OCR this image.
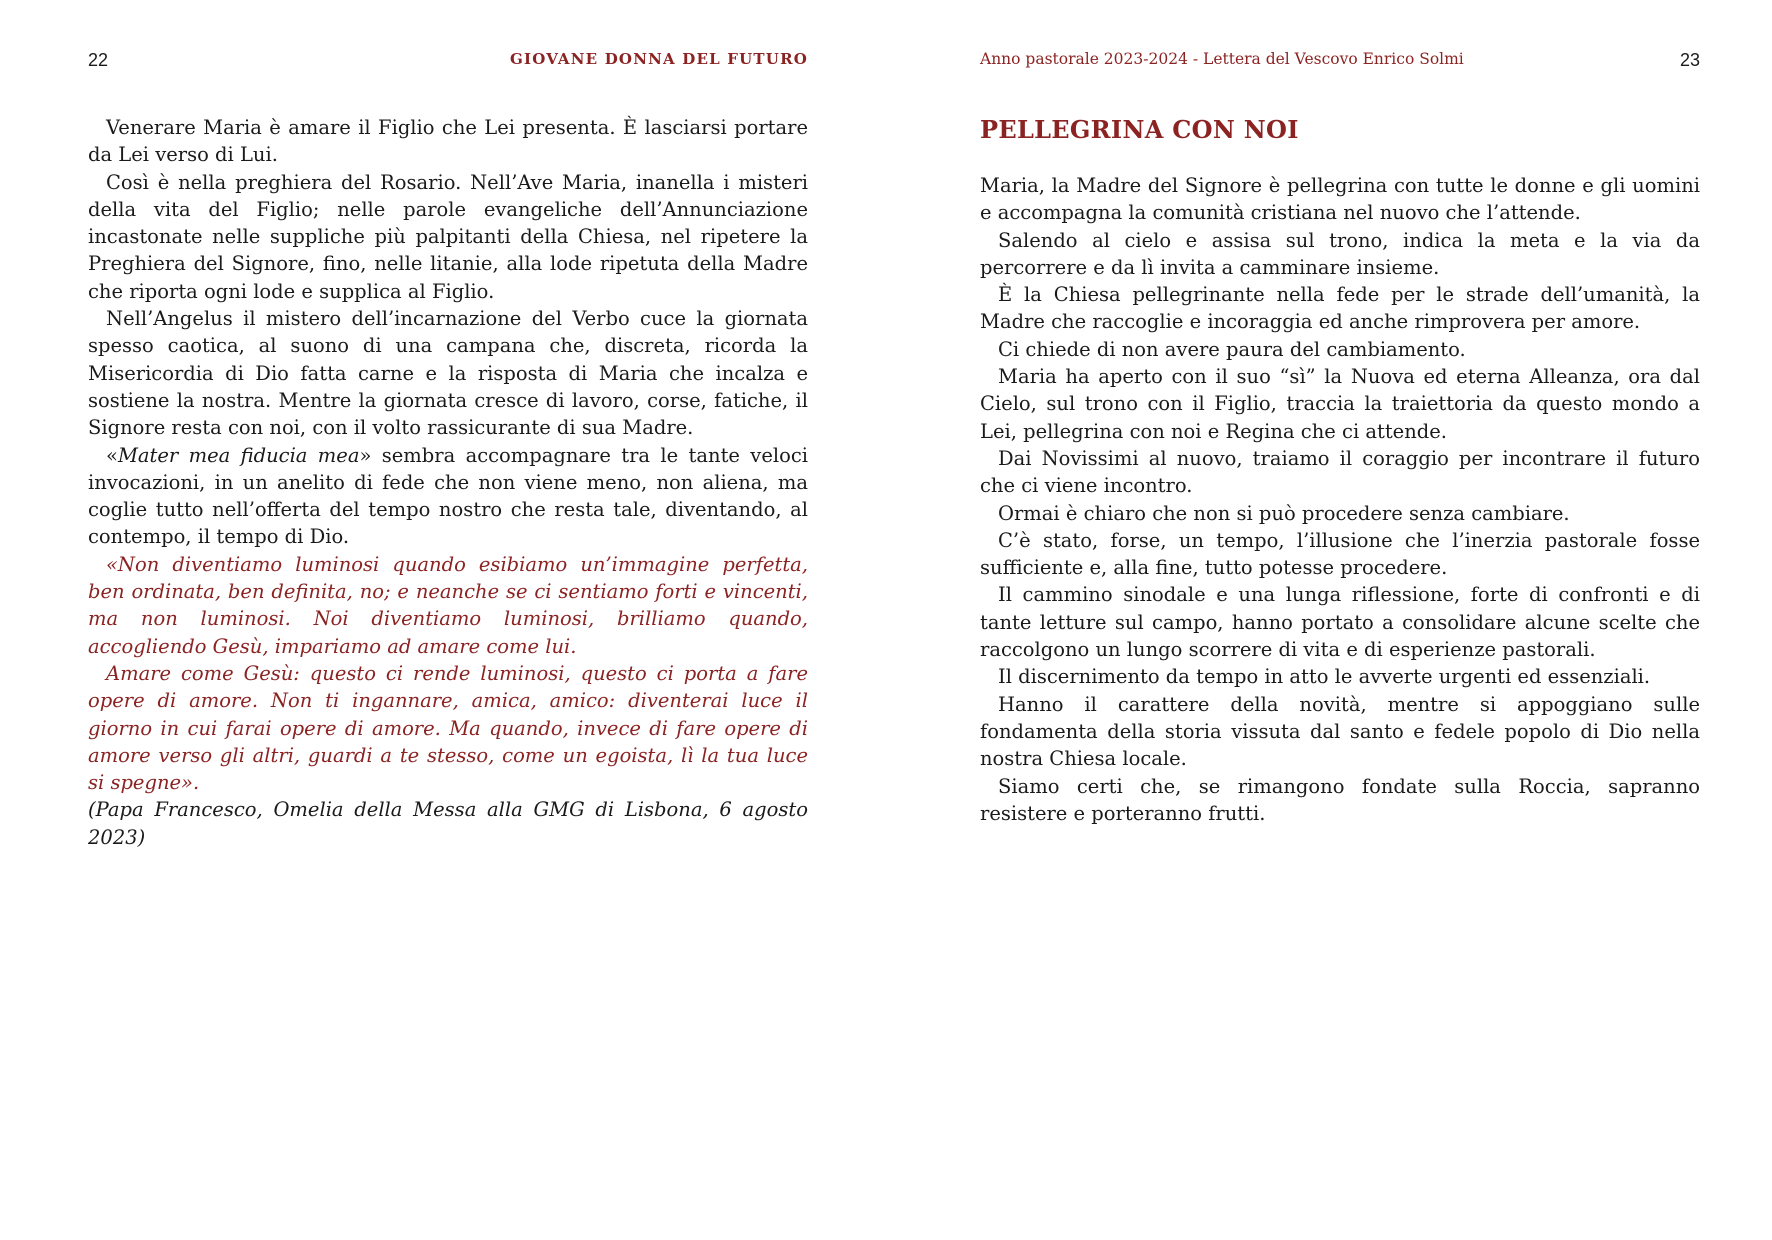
22	GIOVANE DONNA DEL FUTURO

Venerare Maria è amare il Figlio che Lei presenta. È lasciarsi portare da Lei verso di Lui.

Così è nella preghiera del Rosario. Nell’Ave Maria, inanella i misteri della vita del Figlio; nelle parole evangeliche dell’Annunciazione incastonate nelle suppliche più palpitanti della Chiesa, nel ripetere la Preghiera del Signore, fino, nelle litanie, alla lode ripetuta della Madre che riporta ogni lode e supplica al Figlio.

Nell’Angelus il mistero dell’incarnazione del Verbo cuce la giornata spesso caotica, al suono di una campana che, discreta, ricorda la Misericordia di Dio fatta carne e la risposta di Maria che incalza e sostiene la nostra. Mentre la giornata cresce di lavoro, corse, fatiche, il Signore resta con noi, con il volto rassicurante di sua Madre.

«Mater mea fiducia mea» sembra accompagnare tra le tante veloci invocazioni, in un anelito di fede che non viene meno, non aliena, ma coglie tutto nell’offerta del tempo nostro che resta tale, diventando, al contempo, il tempo di Dio.

«Non diventiamo luminosi quando esibiamo un’immagine perfetta, ben ordinata, ben definita, no; e neanche se ci sentiamo forti e vincenti, ma non luminosi. Noi diventiamo luminosi, brilliamo quando, accogliendo Gesù, impariamo ad amare come lui.

Amare come Gesù: questo ci rende luminosi, questo ci porta a fare opere di amore. Non ti ingannare, amica, amico: diventerai luce il giorno in cui farai opere di amore. Ma quando, invece di fare opere di amore verso gli altri, guardi a te stesso, come un egoista, lì la tua luce si spegne».

(Papa Francesco, Omelia della Messa alla GMG di Lisbona, 6 agosto 2023)

Anno pastorale 2023-2024 - Lettera del Vescovo Enrico Solmi	23
PELLEGRINA CON NOI

Maria, la Madre del Signore è pellegrina con tutte le donne e gli uomini e accompagna la comunità cristiana nel nuovo che l’attende.

Salendo al cielo e assisa sul trono, indica la meta e la via da percorrere e da lì invita a camminare insieme.

È la Chiesa pellegrinante nella fede per le strade dell’umanità, la Madre che raccoglie e incoraggia ed anche rimprovera per amore.

Ci chiede di non avere paura del cambiamento.

Maria ha aperto con il suo “sì” la Nuova ed eterna Alleanza, ora dal Cielo, sul trono con il Figlio, traccia la traiettoria da questo mondo a Lei, pellegrina con noi e Regina che ci attende.

Dai Novissimi al nuovo, traiamo il coraggio per incontrare il futuro che ci viene incontro.

Ormai è chiaro che non si può procedere senza cambiare.

C’è stato, forse, un tempo, l’illusione che l’inerzia pastorale fosse sufficiente e, alla fine, tutto potesse procedere.

Il cammino sinodale e una lunga riflessione, forte di confronti e di tante letture sul campo, hanno portato a consolidare alcune scelte che raccolgono un lungo scorrere di vita e di esperienze pastorali.

Il discernimento da tempo in atto le avverte urgenti ed essenziali.

Hanno il carattere della novità, mentre si appoggiano sulle fondamenta della storia vissuta dal santo e fedele popolo di Dio nella nostra Chiesa locale.

Siamo certi che, se rimangono fondate sulla Roccia, sapranno resistere e porteranno frutti.
